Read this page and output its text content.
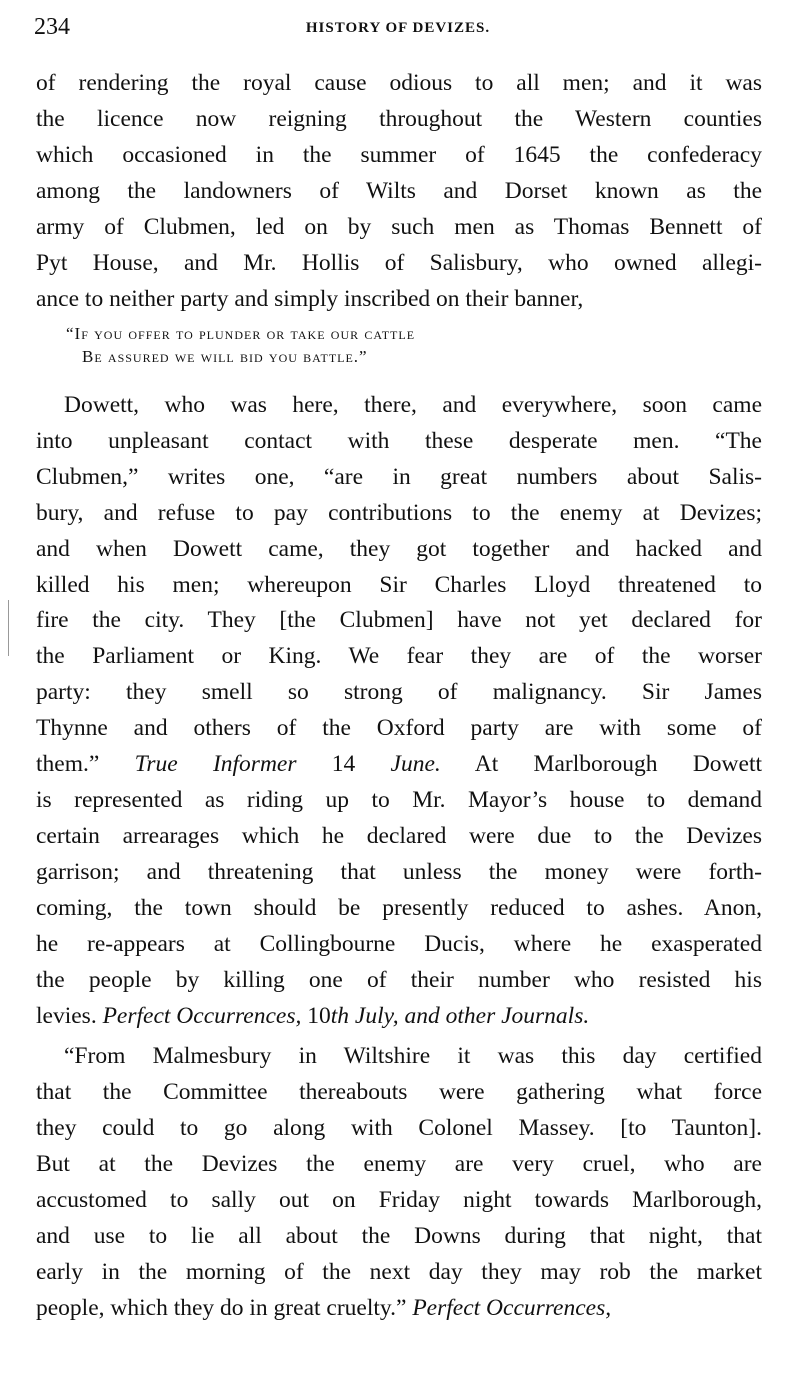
234	HISTORY OF DEVIZES.
“If you offer to plunder or take our cattle
Be assured we will bid you battle.”
of rendering the royal cause odious to all men; and it was
the licence now reigning throughout the Western counties
which occasioned in the summer of 1645 the confederacy
among the landowners of Wilts and Dorset known as the
army of Clubmen, led on by such men as Thomas Bennett of
Pyt House, and Mr. Hollis of Salisbury, who owned allegi-
ance to neither party and simply inscribed on their banner,
Dowett, who was here, there, and everywhere, soon came
into unpleasant contact with these desperate men. “The
Clubmen,” writes one, “are in great numbers about Salis-
bury, and refuse to pay contributions to the enemy at Devizes;
and when Dowett came, they got together and hacked and
killed his men; whereupon Sir Charles Lloyd threatened to
fire the city. They [the Clubmen] have not yet declared for
the Parliament or King. We fear they are of the worser
party: they smell so strong of malignancy. Sir James
Thynne and others of the Oxford party are with some of
them.” True Informer 14 June. At Marlborough Dowett
is represented as riding up to Mr. Mayor’s house to demand
certain arrearages which he declared were due to the Devizes
garrison; and threatening that unless the money were forth-
coming, the town should be presently reduced to ashes. Anon,
he re-appears at Collingbourne Ducis, where he exasperated
the people by killing one of their number who resisted his
levies. Perfect Occurrences, 10th July, and other Journals.
“From Malmesbury in Wiltshire it was this day certified
that the Committee thereabouts were gathering what force
they could to go along with Colonel Massey. [to Taunton].
But at the Devizes the enemy are very cruel, who are
accustomed to sally out on Friday night towards Marlborough,
and use to lie all about the Downs during that night, that
early in the morning of the next day they may rob the market
people, which they do in great cruelty.” Perfect Occurrences,
